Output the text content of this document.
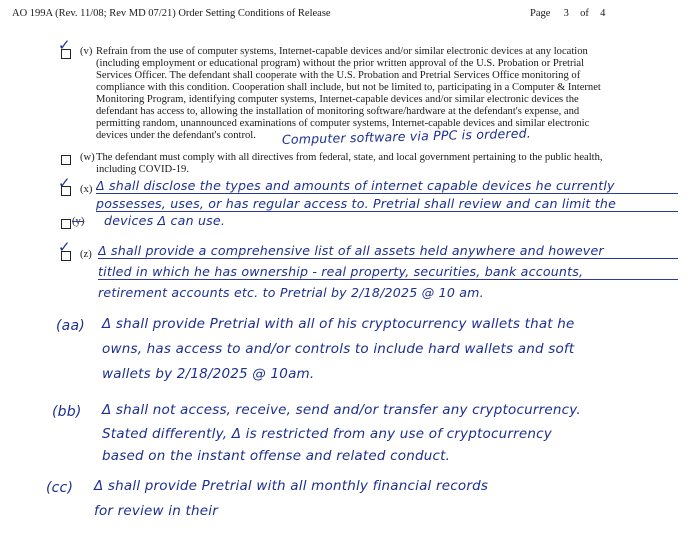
AO 199A (Rev. 11/08; Rev MD 07/21) Order Setting Conditions of Release	Page 3 of 4
✓ (v) Refrain from the use of computer systems, Internet-capable devices and/or similar electronic devices at any location
(including employment or educational program) without the prior written approval of the U.S. Probation or Pretrial
Services Officer. The defendant shall cooperate with the U.S. Probation and Pretrial Services Office monitoring of
compliance with this condition. Cooperation shall include, but not be limited to, participating in a Computer & Internet
Monitoring Program, identifying computer systems, Internet-capable devices and/or similar electronic devices the
defendant has access to, allowing the installation of monitoring software/hardware at the defendant's expense, and
permitting random, unannounced examinations of computer systems, Internet-capable devices and similar electronic
devices under the defendant's control. Computer software via PPC is ordered.
(w) The defendant must comply with all directives from federal, state, and local government pertaining to the public health,
including COVID-19.
✓ (x) Δ shall disclose the types and amounts of internet capable devices he currently
possesses, uses, or has regular access to. Pretrial shall review and can limit the
(y) devices Δ can use.
✓ (z) Δ shall provide a comprehensive list of all assets held anywhere and however
titled in which he has ownership - real property, securities, bank accounts,
retirement accounts etc. to Pretrial by 2/18/2025 @ 10 am.
(aa) Δ shall provide Pretrial with all of his cryptocurrency wallets that he
owns, has access to and/or controls to include hard wallets and soft
wallets by 2/18/2025 @ 10am.
(bb) Δ shall not access, receive, send and/or transfer any cryptocurrency.
Stated differently, Δ is restricted from any use of cryptocurrency
based on the instant offense and related conduct.
(cc) Δ shall provide Pretrial with all monthly financial records
for review in their
